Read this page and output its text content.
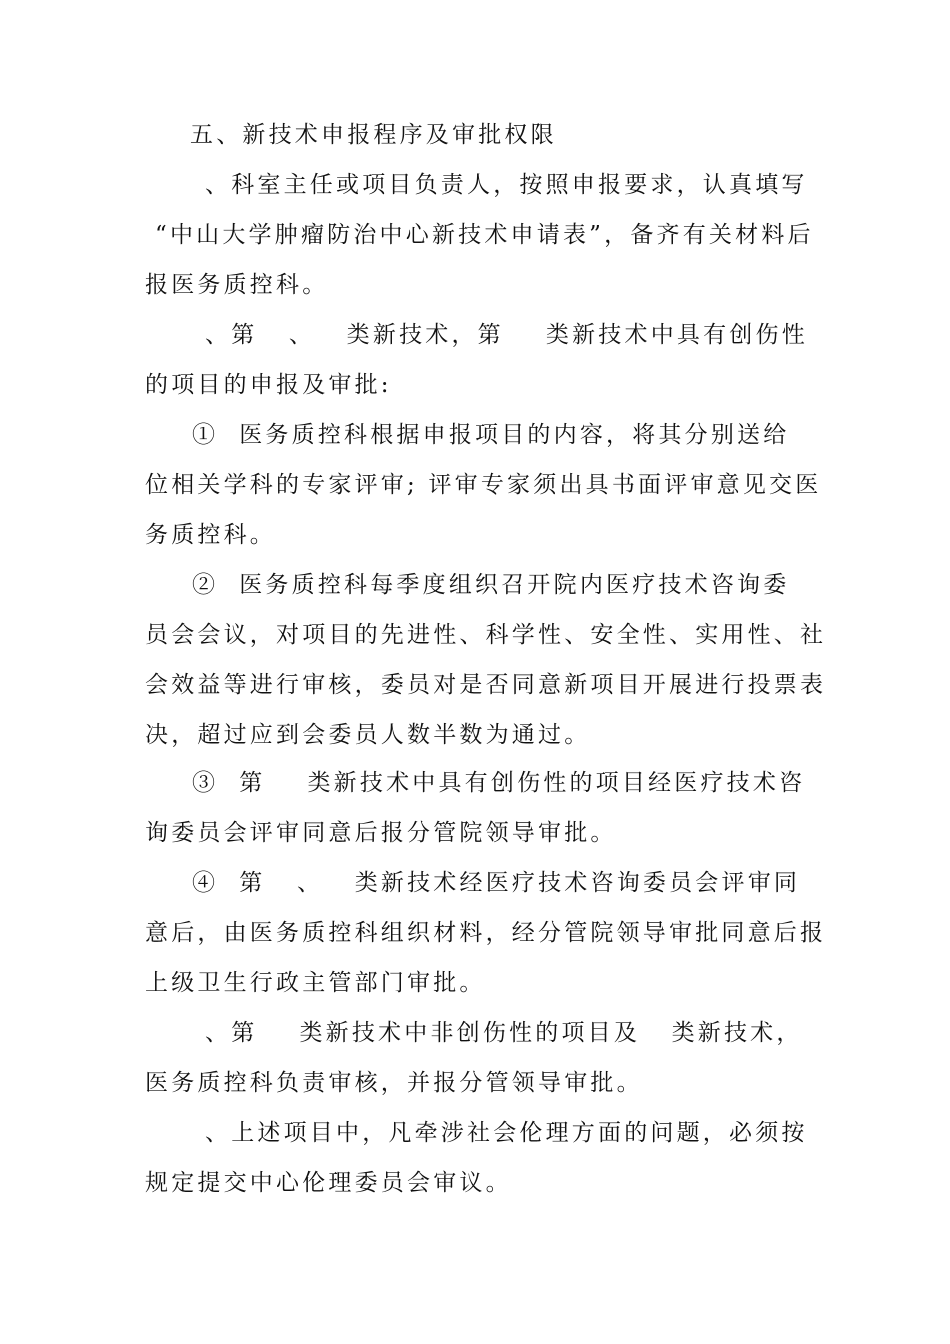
五、新技术申报程序及审批权限
、科室主任或项目负责人，按照申报要求，认真填写
“中山大学肿瘤防治中心新技术申请表”，备齐有关材料后
报医务质控科。
、第   、   类新技术，第    类新技术中具有创伤性
的项目的申报及审批:
①  医务质控科根据申报项目的内容，将其分别送给
位相关学科的专家评审; 评审专家须出具书面评审意见交医
务质控科。
②  医务质控科每季度组织召开院内医疗技术咨询委
员会会议，对项目的先进性、科学性、安全性、实用性、社
会效益等进行审核，委员对是否同意新项目开展进行投票表
决，超过应到会委员人数半数为通过。
③  第    类新技术中具有创伤性的项目经医疗技术咨
询委员会评审同意后报分管院领导审批。
④  第   、   类新技术经医疗技术咨询委员会评审同
意后，由医务质控科组织材料，经分管院领导审批同意后报
上级卫生行政主管部门审批。
、第    类新技术中非创伤性的项目及   类新技术，
医务质控科负责审核，并报分管领导审批。
、上述项目中，凡牵涉社会伦理方面的问题，必须按
规定提交中心伦理委员会审议。
